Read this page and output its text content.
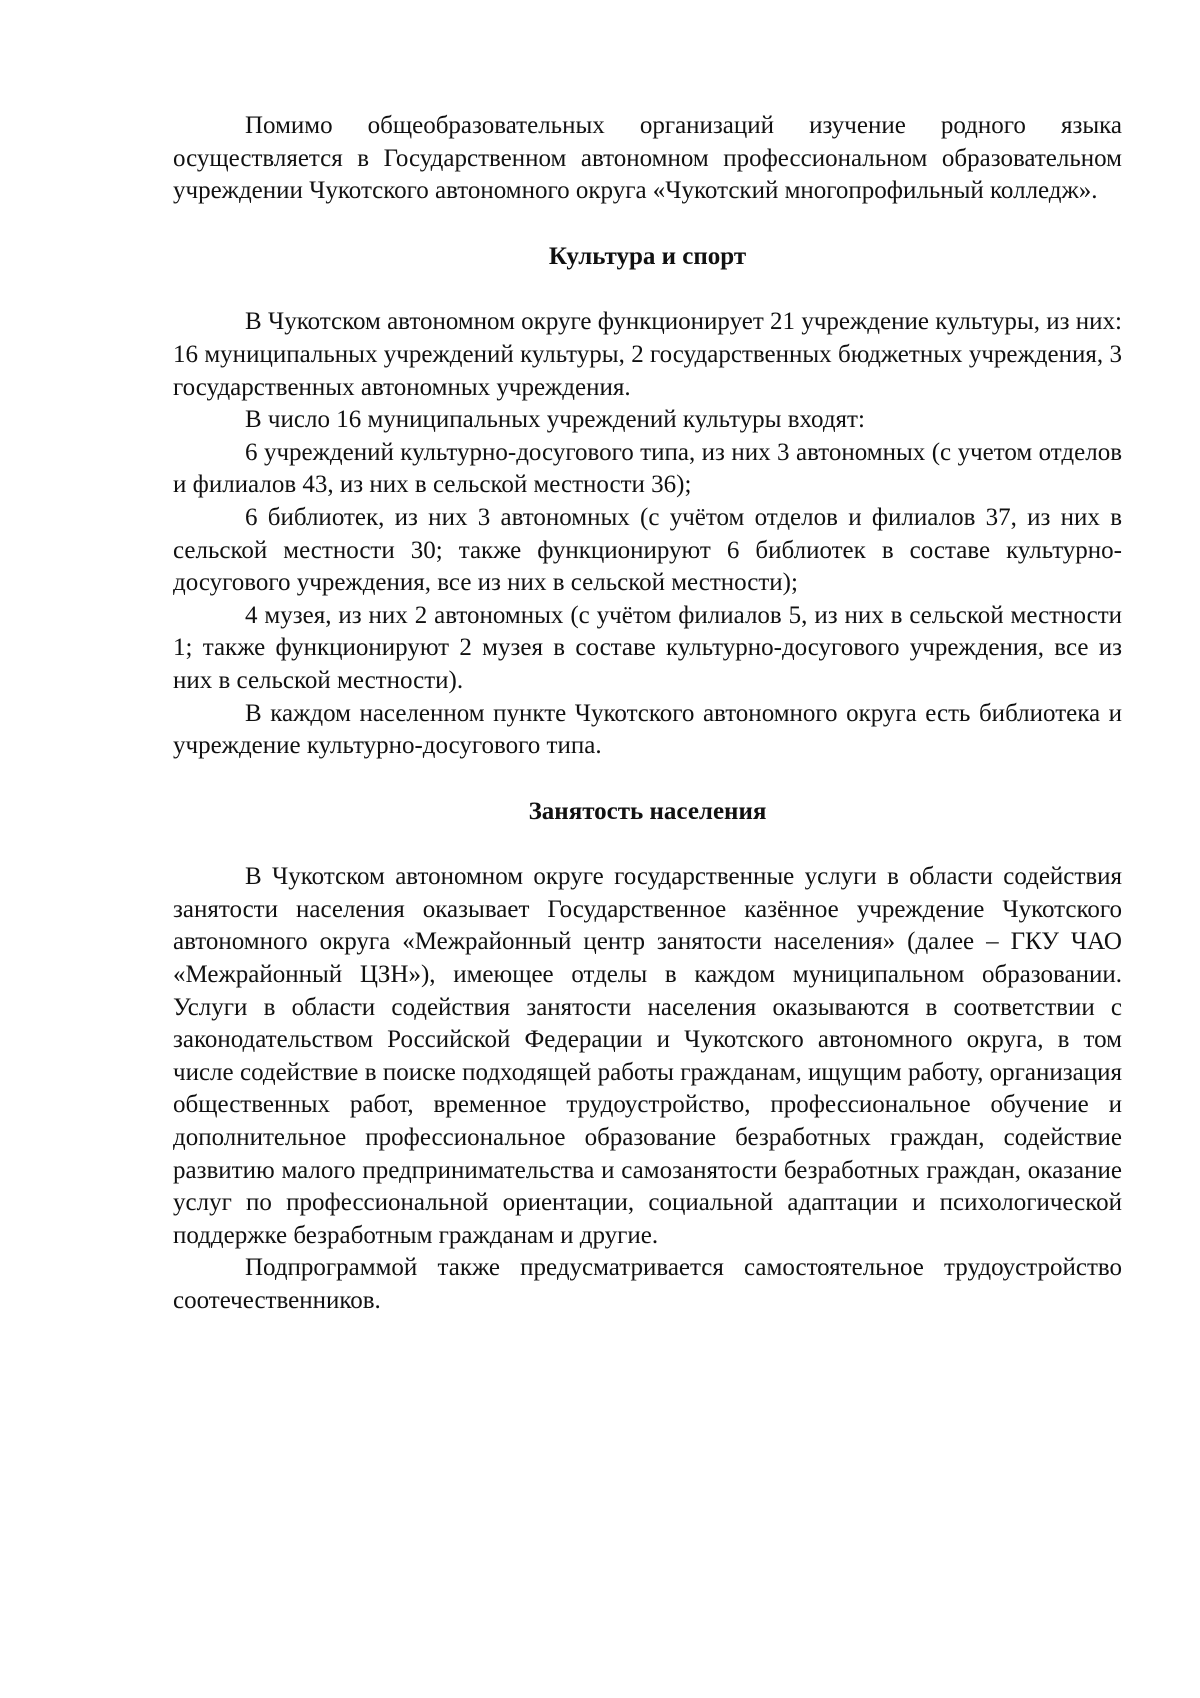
Помимо общеобразовательных организаций изучение родного языка осуществляется в Государственном автономном профессиональном образовательном учреждении Чукотского автономного округа «Чукотский многопрофильный колледж».

Культура и спорт

В Чукотском автономном округе функционирует 21 учреждение культуры, из них: 16 муниципальных учреждений культуры, 2 государственных бюджетных учреждения, 3 государственных автономных учреждения.

В число 16 муниципальных учреждений культуры входят:

6 учреждений культурно-досугового типа, из них 3 автономных (с учетом отделов и филиалов 43, из них в сельской местности 36);

6 библиотек, из них 3 автономных (с учётом отделов и филиалов 37, из них в сельской местности 30; также функционируют 6 библиотек в составе культурно-досугового учреждения, все из них в сельской местности);

4 музея, из них 2 автономных (с учётом филиалов 5, из них в сельской местности 1; также функционируют 2 музея в составе культурно-досугового учреждения, все из них в сельской местности).

В каждом населенном пункте Чукотского автономного округа есть библиотека и учреждение культурно-досугового типа.

Занятость населения

В Чукотском автономном округе государственные услуги в области содействия занятости населения оказывает Государственное казённое учреждение Чукотского автономного округа «Межрайонный центр занятости населения» (далее – ГКУ ЧАО «Межрайонный ЦЗН»), имеющее отделы в каждом муниципальном образовании. Услуги в области содействия занятости населения оказываются в соответствии с законодательством Российской Федерации и Чукотского автономного округа, в том числе содействие в поиске подходящей работы гражданам, ищущим работу, организация общественных работ, временное трудоустройство, профессиональное обучение и дополнительное профессиональное образование безработных граждан, содействие развитию малого предпринимательства и самозанятости безработных граждан, оказание услуг по профессиональной ориентации, социальной адаптации и психологической поддержке безработным гражданам и другие.

Подпрограммой также предусматривается самостоятельное трудоустройство соотечественников.
